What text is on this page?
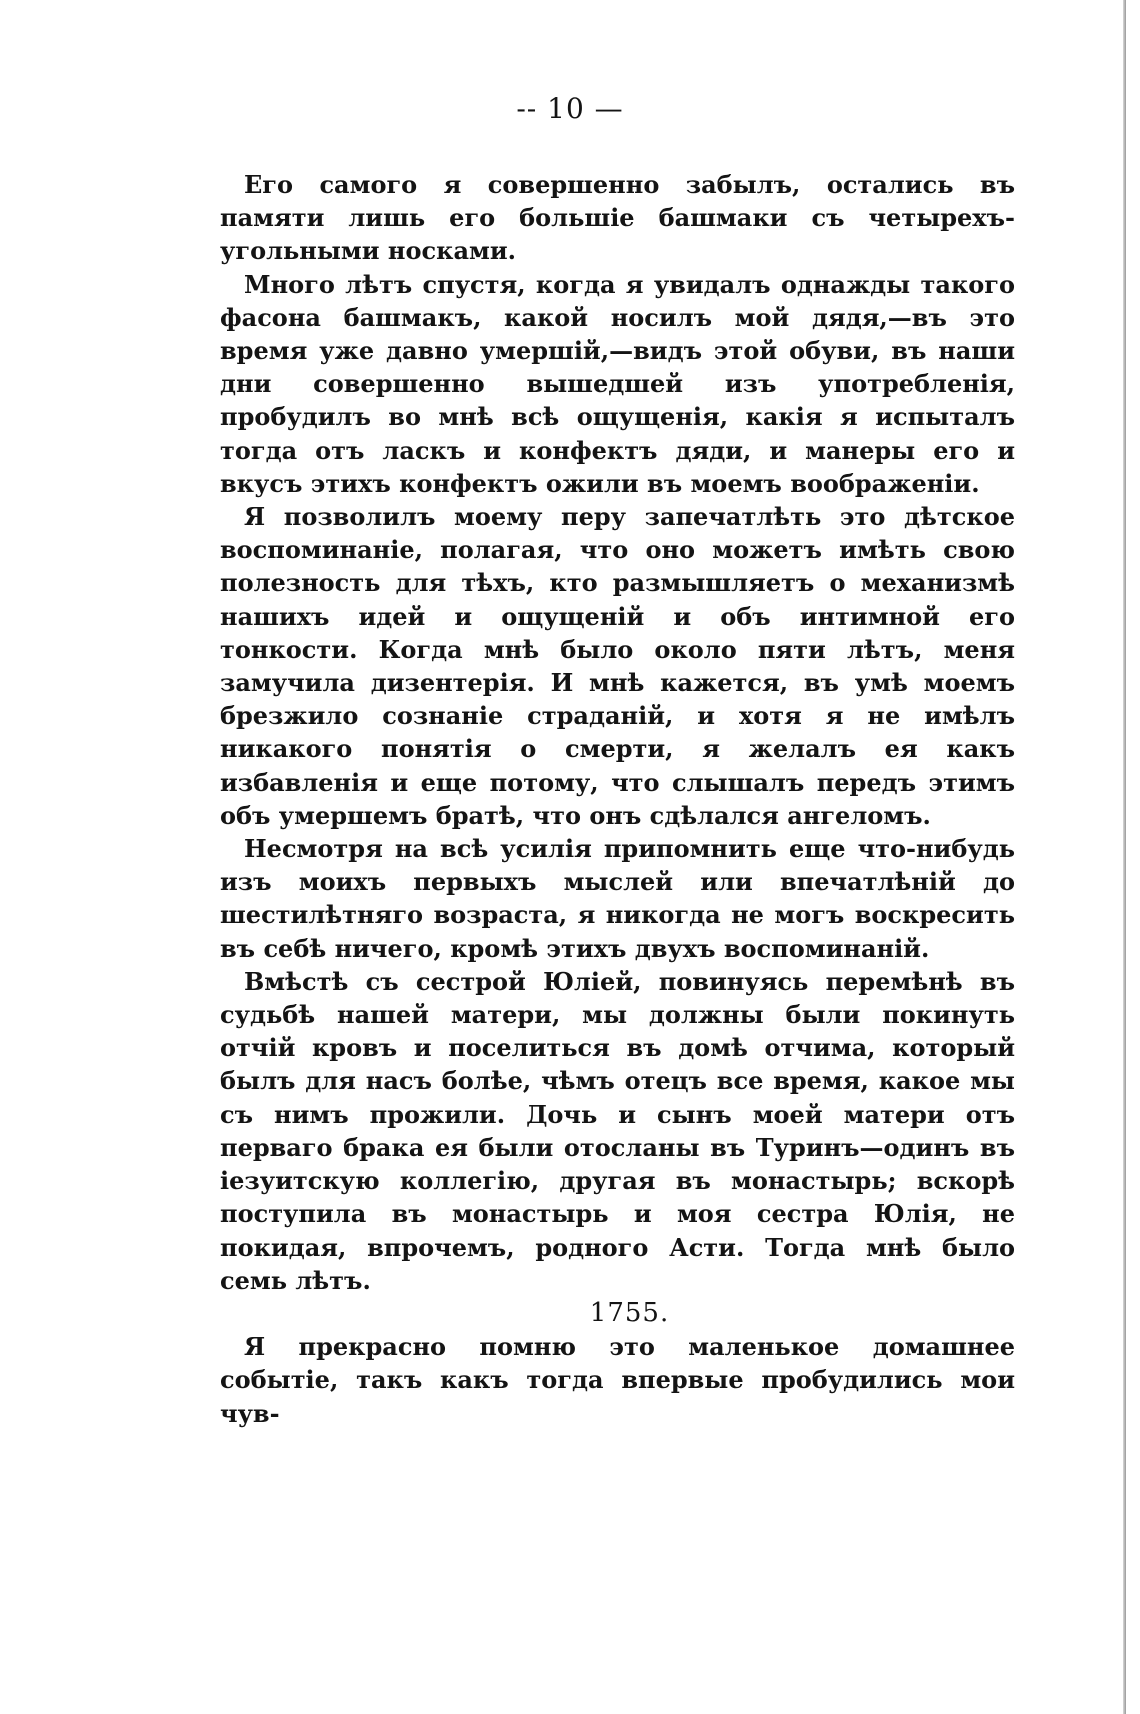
-- 10 —

Его самого я совершенно забылъ, остались въ памяти лишь его большіе башмаки съ четырехъ-угольными носками.

Много лѣтъ спустя, когда я увидалъ однажды такого фасона башмакъ, какой носилъ мой дядя,—въ это время уже давно умершій,—видъ этой обуви, въ наши дни совершенно вышедшей изъ употребленія, пробудилъ во мнѣ всѣ ощущенія, какія я испыталъ тогда отъ ласкъ и конфектъ дяди, и манеры его и вкусъ этихъ конфектъ ожили въ моемъ воображеніи.

Я позволилъ моему перу запечатлѣть это дѣтское воспоминаніе, полагая, что оно можетъ имѣть свою полезность для тѣхъ, кто размышляетъ о механизмѣ нашихъ идей и ощущеній и объ интимной его тонкости. Когда мнѣ было около пяти лѣтъ, меня замучила дизентерія. И мнѣ кажется, въ умѣ моемъ брезжило сознаніе страданій, и хотя я не имѣлъ никакого понятія о смерти, я желалъ ея какъ избавленія и еще потому, что слышалъ передъ этимъ объ умершемъ братѣ, что онъ сдѣлался ангеломъ.

Несмотря на всѣ усилія припомнить еще что-нибудь изъ моихъ первыхъ мыслей или впечатлѣній до шестилѣтняго возраста, я никогда не могъ воскресить въ себѣ ничего, кромѣ этихъ двухъ воспоминаній.

Вмѣстѣ съ сестрой Юліей, повинуясь перемѣнѣ въ судьбѣ нашей матери, мы должны были покинуть отчій кровъ и поселиться въ домѣ отчима, который былъ для насъ болѣе, чѣмъ отецъ все время, какое мы съ нимъ прожили. Дочь и сынъ моей матери отъ перваго брака ея были отосланы въ Туринъ—одинъ въ іезуитскую коллегію, другая въ монастырь; вскорѣ поступила въ монастырь и моя сестра Юлія, не покидая, впрочемъ, родного Асти. Тогда мнѣ было семь лѣтъ.

1755.

Я прекрасно помню это маленькое домашнее событіе, такъ какъ тогда впервые пробудились мои чув-
